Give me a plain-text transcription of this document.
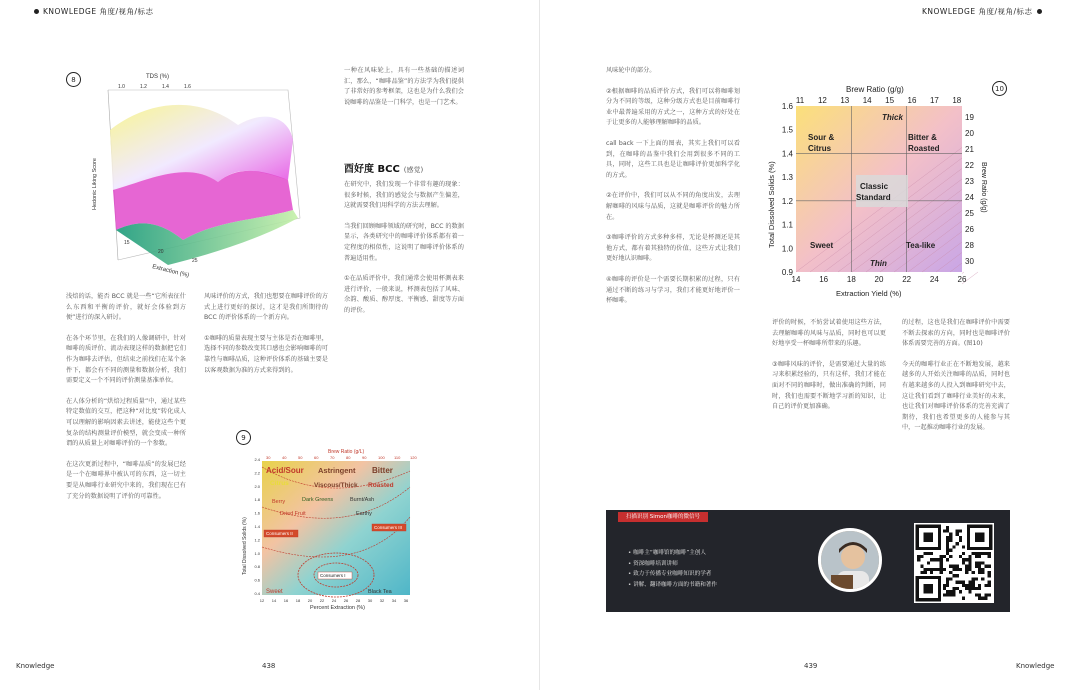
KNOWLEDGE 角度/视角/标志	KNOWLEDGE 角度/视角/标志
8	TDS (%)
1.0	1.2	1.4	1.6
Hedonic Liking Score
Extraction (%)
15
20
25
9
Brew Ratio (g/L)
30	40	50	60	70	80	90	100 110 120
Acid/Sour Astringent Bitter
Citrus	Viscous/Thick Roasted
Dark Greens	Burnt/Ash
Berry
Dried Fruit	Earthy
Consumers II
Consumers III
Consumers I
Sweet	Black Tea
12 14 16 18 20 22 24 26 28 30 32 34 36
0.4
0.6
0.8
1.0
1.2
1.4
1.6
1.8
2.0
2.2
2.4
Percent Extraction (%)
Total Dissolved Solids (%)
10
Brew Ratio (g/g)
11 12 13 14 15 16 17 18
Thick
Sour &
Citrus
Bitter &
Roasted
Classic
Standard
Sweet	Tea-like
Thin
14 16 18 20 22 24 26
0.9
1.0
1.1
1.2
1.3
1.4
1.5
1.6
19
20
21
22
23
24
25
26
28
30
Extraction Yield (%)
Total Dissolved Solids (%)	Brew Ratio (g/g)

浅焙的话，能否 BCC 就是一些“它所表征什么东西和平衡的评价，就好会体验到方便”进行的深入研讨。

在各个环节里，在我们的人像调研中，针对咖啡的质评价、流动表现这样的数据把它们作为咖啡去评估，但结束之前找们在某个条件下，都会有不同的测量和数据分析，我们需要定义一个不同的评价测量基准单位。

在人体分析的“烘焙过程质量”中，通过某些特定数值的交互，把这种“对比度”转化成人可以理解的影响因素去讲述，能使这些个更复杂的结构测量评价模型，就会变成一种所谓的从质量上对咖啡评价的一个参数。

在这次更新过程中，“咖啡品质”的发展已经是一个在咖啡界中被认可的东西，这一切主要是从咖啡行业研究中来的，我们现在已有了充分的数据说明了评价的可靠性。

风味评价的方式，我们也想要在咖啡评价的方式上进行更好的探讨，这才是我们所期待的 BCC 的评价体系的一个新方向。

①咖啡的质量表现主要与主体是否在咖啡里，选择不同的参数改变其口感也会影响咖啡的可靠性与咖啡品质，这种评价体系的基础主要是以客观数据为准的方式来得到的。

一种在风味轮上，具有一些基础的描述词汇，那么，“咖啡品鉴”的方法学为我们提供了非常好的参考框架，这也是为什么我们会说咖啡的品鉴是一门科学，也是一门艺术。

酉好度 BCC (感觉)

在研究中，我们发现一个非常有趣的现象：很多时候，我们的感觉会与数据产生偏差，这就需要我们用科学的方法去理解。

当我们回顾咖啡领域的研究时，BCC 的数据显示，各类研究中的咖啡评价体系都有着一定程度的相似性，这说明了咖啡评价体系的普遍适用性。

①在品质评价中，我们通常会使用杯测表来进行评价，一般来说，杯测表包括了风味、余韵、酸质、醇厚度、平衡感、甜度等方面的评价。

风味轮中的部分。

②根据咖啡的品质评价方式，我们可以将咖啡划分为不同的等级，这种分级方式也是目前咖啡行业中最普遍采用的方式之一，这种方式的好处在于让更多的人能够理解咖啡的品质。

call back 一下上面的图表，其实上我们可以看到，在咖啡的品鉴中我们会用到很多不同的工具，同时，这些工具也是让咖啡评价更加科学化的方式。

②在评价中，我们可以从不同的角度出发，去理解咖啡的风味与品质，这就是咖啡评价的魅力所在。

③咖啡评价的方式多种多样，无论是杯测还是其他方式，都有着其独特的价值，这些方式让我们更好地认识咖啡。

④咖啡的评价是一个需要长期积累的过程，只有通过不断的练习与学习，我们才能更好地评价一杯咖啡。

评价的时候，不妨尝试着使用这些方法，去理解咖啡的风味与品质，同时也可以更好地享受一杯咖啡所带来的乐趣。

③咖啡风味的评价，是需要通过大量的练习来积累经验的，只有这样，我们才能在面对不同的咖啡时，做出准确的判断，同时，我们也需要不断地学习新的知识，让自己的评价更加准确。

的过程，这也是我们在咖啡评价中需要不断去探索的方向，同时也是咖啡评价体系需要完善的方面。(图10)

今天的咖啡行业正在不断地发展，越来越多的人开始关注咖啡的品质，同时也有越来越多的人投入到咖啡研究中去，这让我们看到了咖啡行业美好的未来，也让我们对咖啡评价体系的完善充满了期待，我们也希望更多的人能参与其中，一起推动咖啡行业的发展。

扫描识别 Simon咖啡的微信号
• 咖啡主“咖啡馆的咖啡”主创人
• 资深咖啡培训讲师
• 致力于传播专业咖啡知识的学者
• 讲解、翻译咖啡方面的书籍和著作
Knowledge	438	439	Knowledge
